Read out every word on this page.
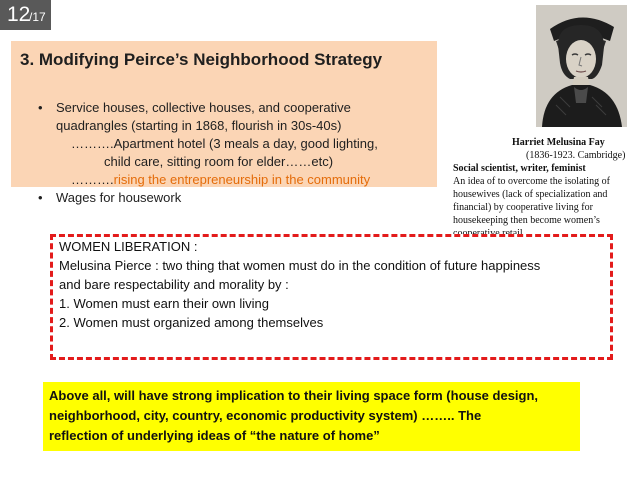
12
/17
3. Modifying Peirce’s Neighborhood Strategy
• Service houses, collective houses, and cooperative
quadrangles (starting in 1868, flourish in 30s-40s)
……….Apartment hotel (3 meals a day, good lighting,
child care, sitting room for elder……etc)
……….rising the entrepreneurship in the community
• Wages for housework
Harriet Melusina Fay
(1836-1923. Cambridge)
Social scientist, writer, feminist
An idea of to overcome the isolating of
housewives (lack of specialization and
financial) by cooperative living for
housekeeping then become women’s
WOMEN LIBERATION :
Melusina Pierce : two thing that women must do in the condition of future happiness
and bare respectability and morality by :
1. Women must earn their own living
2. Women must organized among themselves
Above all, will have strong implication to their living space form (house design,
neighborhood, city, country, economic productivity system) …….. The
reflection of underlying ideas of “the nature of home”
